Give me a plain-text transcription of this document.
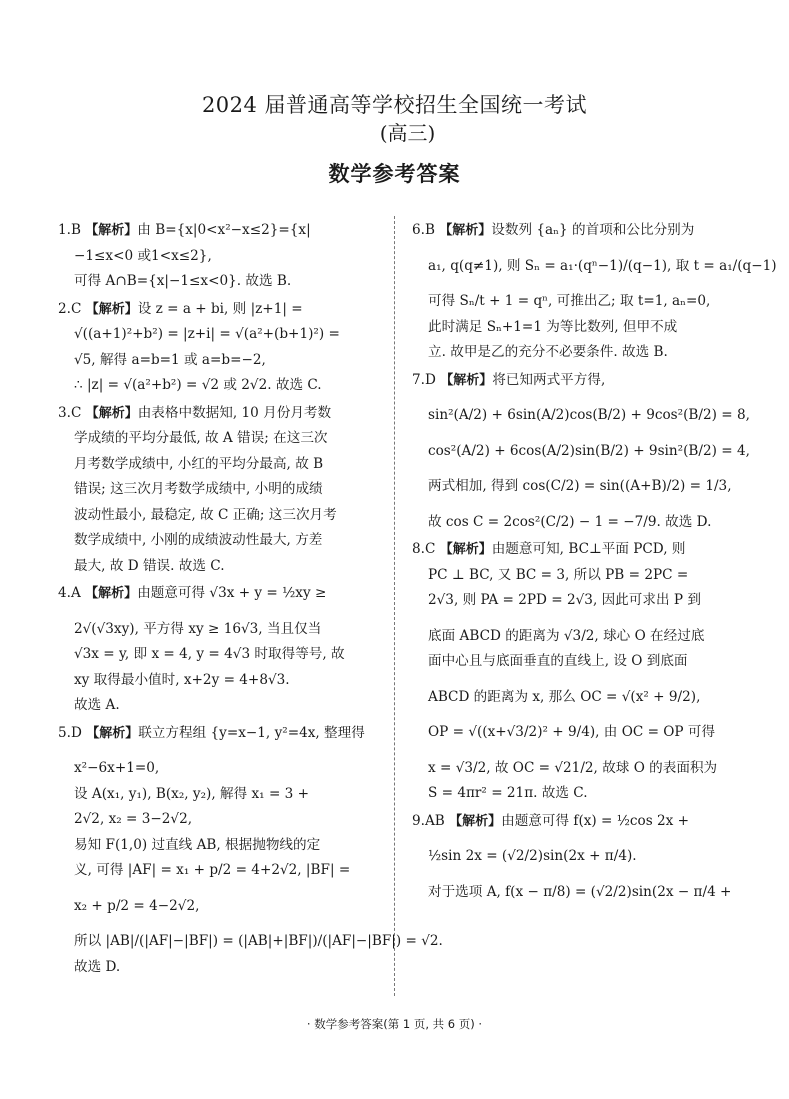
2024 届普通高等学校招生全国统一考试
(高三)
数学参考答案

1.B 【解析】由 B={x|0<x²−x≤2}={x|

−1≤x<0 或1<x≤2},

可得 A∩B={x|−1≤x<0}. 故选 B.

2.C 【解析】设 z = a + bi, 则 |z+1| =

√((a+1)²+b²) = |z+i| = √(a²+(b+1)²) =

√5, 解得 a=b=1 或 a=b=−2,

∴ |z| = √(a²+b²) = √2 或 2√2. 故选 C.

3.C 【解析】由表格中数据知, 10 月份月考数

学成绩的平均分最低, 故 A 错误; 在这三次

月考数学成绩中, 小红的平均分最高, 故 B

错误; 这三次月考数学成绩中, 小明的成绩

波动性最小, 最稳定, 故 C 正确; 这三次月考

数学成绩中, 小刚的成绩波动性最大, 方差

最大, 故 D 错误. 故选 C.

4.A 【解析】由题意可得 √3x + y = ½xy ≥

2√(√3xy), 平方得 xy ≥ 16√3, 当且仅当

√3x = y, 即 x = 4, y = 4√3 时取得等号, 故

xy 取得最小值时, x+2y = 4+8√3.

故选 A.

5.D 【解析】联立方程组 {y=x−1, y²=4x, 整理得

x²−6x+1=0,

设 A(x₁, y₁), B(x₂, y₂), 解得 x₁ = 3 +

2√2, x₂ = 3−2√2,

易知 F(1,0) 过直线 AB, 根据抛物线的定

义, 可得 |AF| = x₁ + p/2 = 4+2√2, |BF| =

x₂ + p/2 = 4−2√2,

所以 |AB|/(|AF|−|BF|) = (|AB|+|BF|)/(|AF|−|BF|) = √2.

故选 D.

6.B 【解析】设数列 {aₙ} 的首项和公比分别为

a₁, q(q≠1), 则 Sₙ = a₁·(qⁿ−1)/(q−1), 取 t = a₁/(q−1)

可得 Sₙ/t + 1 = qⁿ, 可推出乙; 取 t=1, aₙ=0,

此时满足 Sₙ+1=1 为等比数列, 但甲不成

立. 故甲是乙的充分不必要条件. 故选 B.

7.D 【解析】将已知两式平方得,

sin²(A/2) + 6sin(A/2)cos(B/2) + 9cos²(B/2) = 8,

cos²(A/2) + 6cos(A/2)sin(B/2) + 9sin²(B/2) = 4,

两式相加, 得到 cos(C/2) = sin((A+B)/2) = 1/3,

故 cos C = 2cos²(C/2) − 1 = −7/9. 故选 D.

8.C 【解析】由题意可知, BC⊥平面 PCD, 则

PC ⊥ BC, 又 BC = 3, 所以 PB = 2PC =

2√3, 则 PA = 2PD = 2√3, 因此可求出 P 到

底面 ABCD 的距离为 √3/2, 球心 O 在经过底

面中心且与底面垂直的直线上, 设 O 到底面

ABCD 的距离为 x, 那么 OC = √(x² + 9/2),

OP = √((x+√3/2)² + 9/4), 由 OC = OP 可得

x = √3/2, 故 OC = √21/2, 故球 O 的表面积为

S = 4πr² = 21π. 故选 C.

9.AB 【解析】由题意可得 f(x) = ½cos 2x +

½sin 2x = (√2/2)sin(2x + π/4).

对于选项 A, f(x − π/8) = (√2/2)sin(2x − π/4 +

· 数学参考答案(第 1 页, 共 6 页) ·
